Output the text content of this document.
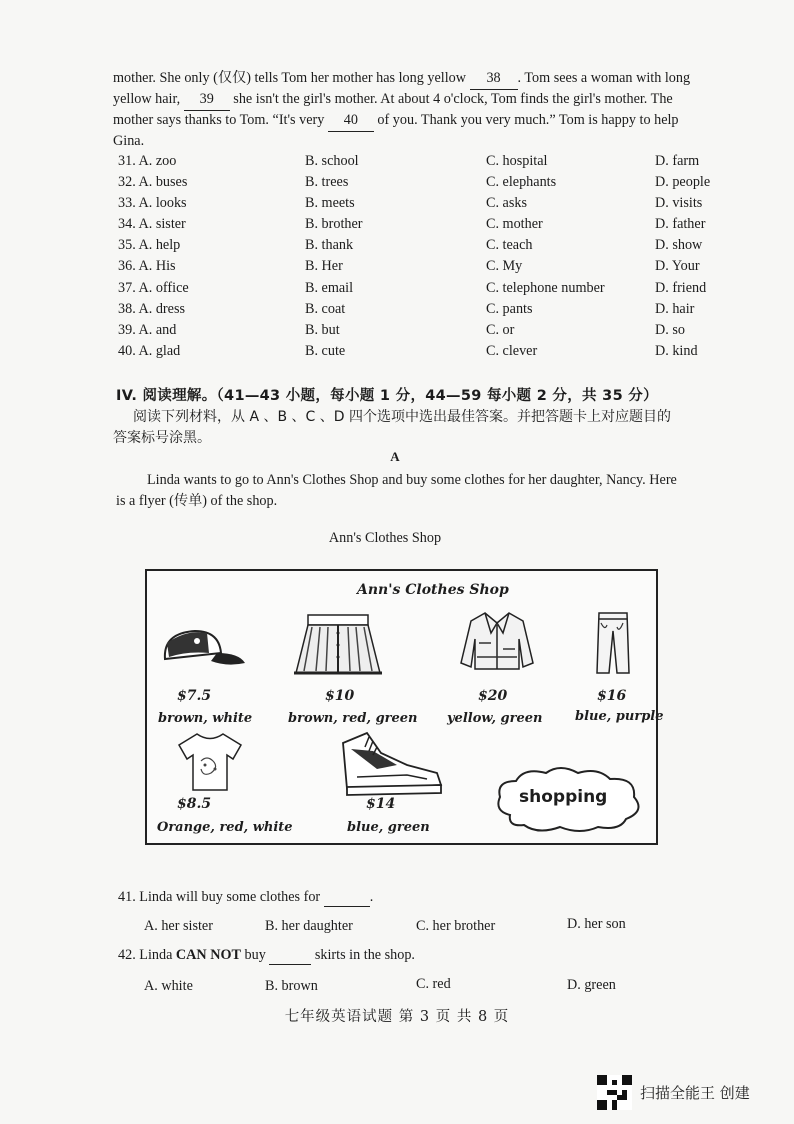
mother. She only (仅仅) tells Tom her mother has long yellow 38 . Tom sees a woman with long
yellow hair, 39 she isn't the girl's mother. At about 4 o'clock, Tom finds the girl's mother. The
mother says thanks to Tom. “It's very 40 of you. Thank you very much.” Tom is happy to help
Gina.
31. A. zoo	B. school	C. hospital	D. farm
32. A. buses	B. trees	C. elephants	D. people
33. A. looks	B. meets	C. asks	D. visits
34. A. sister	B. brother	C. mother	D. father
35. A. help	B. thank	C. teach	D. show
36. A. His	B. Her	C. My	D. Your
37. A. office	B. email	C. telephone number	D. friend
38. A. dress	B. coat	C. pants	D. hair
39. A. and	B. but	C. or	D. so
40. A. glad	B. cute	C. clever	D. kind
IV. 阅读理解。（41—43 小题，每小题 1 分，44—59 每小题 2 分，共 35 分）
阅读下列材料，从 A 、B 、C 、D 四个选项中选出最佳答案。并把答题卡上对应题目的
答案标号涂黑。
A
Linda wants to go to Ann's Clothes Shop and buy some clothes for her daughter, Nancy. Here
is a flyer (传单) of the shop.
Ann's Clothes Shop
Ann's Clothes Shop
$7.5
brown, white
$10
brown, red, green
$20
yellow, green
$16
blue, purple
$8.5
Orange, red, white
$14
blue, green
shopping
41. Linda will buy some clothes for	.
A. her sister	B. her daughter	C. her brother	D. her son
42. Linda CAN NOT buy	skirts in the shop.
A. white	B. brown	C. red	D. green
七年级英语试题 第 3 页 共 8 页
扫描全能王 创建
